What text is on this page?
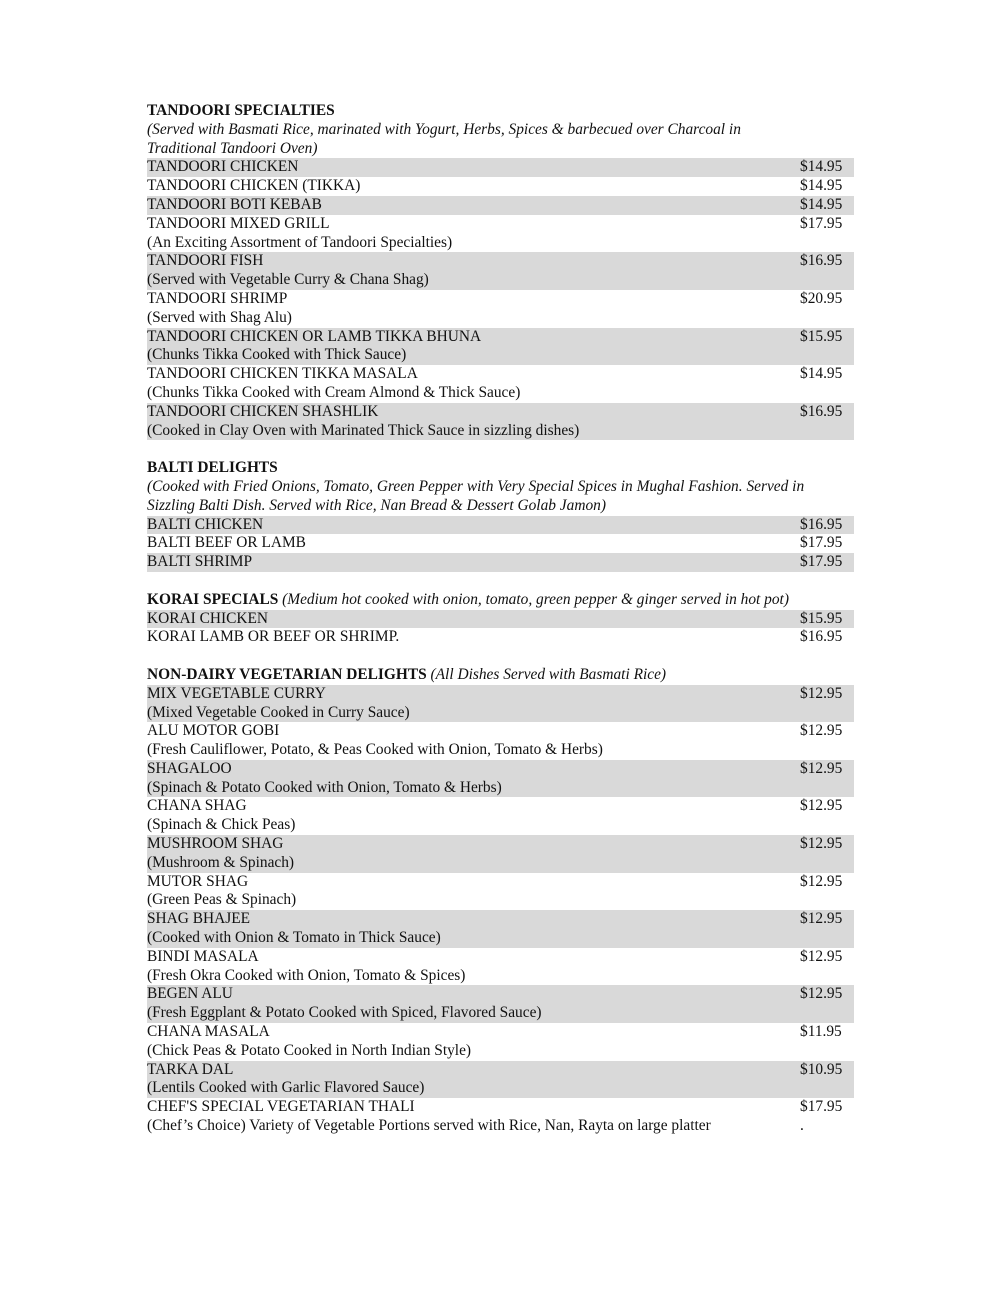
TANDOORI SPECIALTIES
(Served with Basmati Rice, marinated with Yogurt, Herbs, Spices & barbecued over Charcoal in
Traditional Tandoori Oven)
TANDOORI CHICKEN	$14.95
TANDOORI CHICKEN (TIKKA)	$14.95
TANDOORI BOTI KEBAB	$14.95
TANDOORI MIXED GRILL	$17.95
(An Exciting Assortment of Tandoori Specialties)
TANDOORI FISH	$16.95
(Served with Vegetable Curry & Chana Shag)
TANDOORI SHRIMP	$20.95
(Served with Shag Alu)
TANDOORI CHICKEN OR LAMB TIKKA BHUNA	$15.95
(Chunks Tikka Cooked with Thick Sauce)
TANDOORI CHICKEN TIKKA MASALA	$14.95
(Chunks Tikka Cooked with Cream Almond & Thick Sauce)
TANDOORI CHICKEN SHASHLIK	$16.95
(Cooked in Clay Oven with Marinated Thick Sauce in sizzling dishes)
BALTI DELIGHTS
(Cooked with Fried Onions, Tomato, Green Pepper with Very Special Spices in Mughal Fashion. Served in
Sizzling Balti Dish. Served with Rice, Nan Bread & Dessert Golab Jamon)
BALTI CHICKEN	$16.95
BALTI BEEF OR LAMB	$17.95
BALTI SHRIMP	$17.95
KORAI SPECIALS (Medium hot cooked with onion, tomato, green pepper & ginger served in hot pot)
KORAI CHICKEN	$15.95
KORAI LAMB OR BEEF OR SHRIMP.	$16.95
NON-DAIRY VEGETARIAN DELIGHTS (All Dishes Served with Basmati Rice)
MIX VEGETABLE CURRY	$12.95
(Mixed Vegetable Cooked in Curry Sauce)
ALU MOTOR GOBI	$12.95
(Fresh Cauliflower, Potato, & Peas Cooked with Onion, Tomato & Herbs)
SHAGALOO	$12.95
(Spinach & Potato Cooked with Onion, Tomato & Herbs)
CHANA SHAG	$12.95
(Spinach & Chick Peas)
MUSHROOM SHAG	$12.95
(Mushroom & Spinach)
MUTOR SHAG	$12.95
(Green Peas & Spinach)
SHAG BHAJEE	$12.95
(Cooked with Onion & Tomato in Thick Sauce)
BINDI MASALA	$12.95
(Fresh Okra Cooked with Onion, Tomato & Spices)
BEGEN ALU	$12.95
(Fresh Eggplant & Potato Cooked with Spiced, Flavored Sauce)
CHANA MASALA	$11.95
(Chick Peas & Potato Cooked in North Indian Style)
TARKA DAL	$10.95
(Lentils Cooked with Garlic Flavored Sauce)
CHEF'S SPECIAL VEGETARIAN THALI	$17.95
(Chef’s Choice) Variety of Vegetable Portions served with Rice, Nan, Rayta on large platter	.
